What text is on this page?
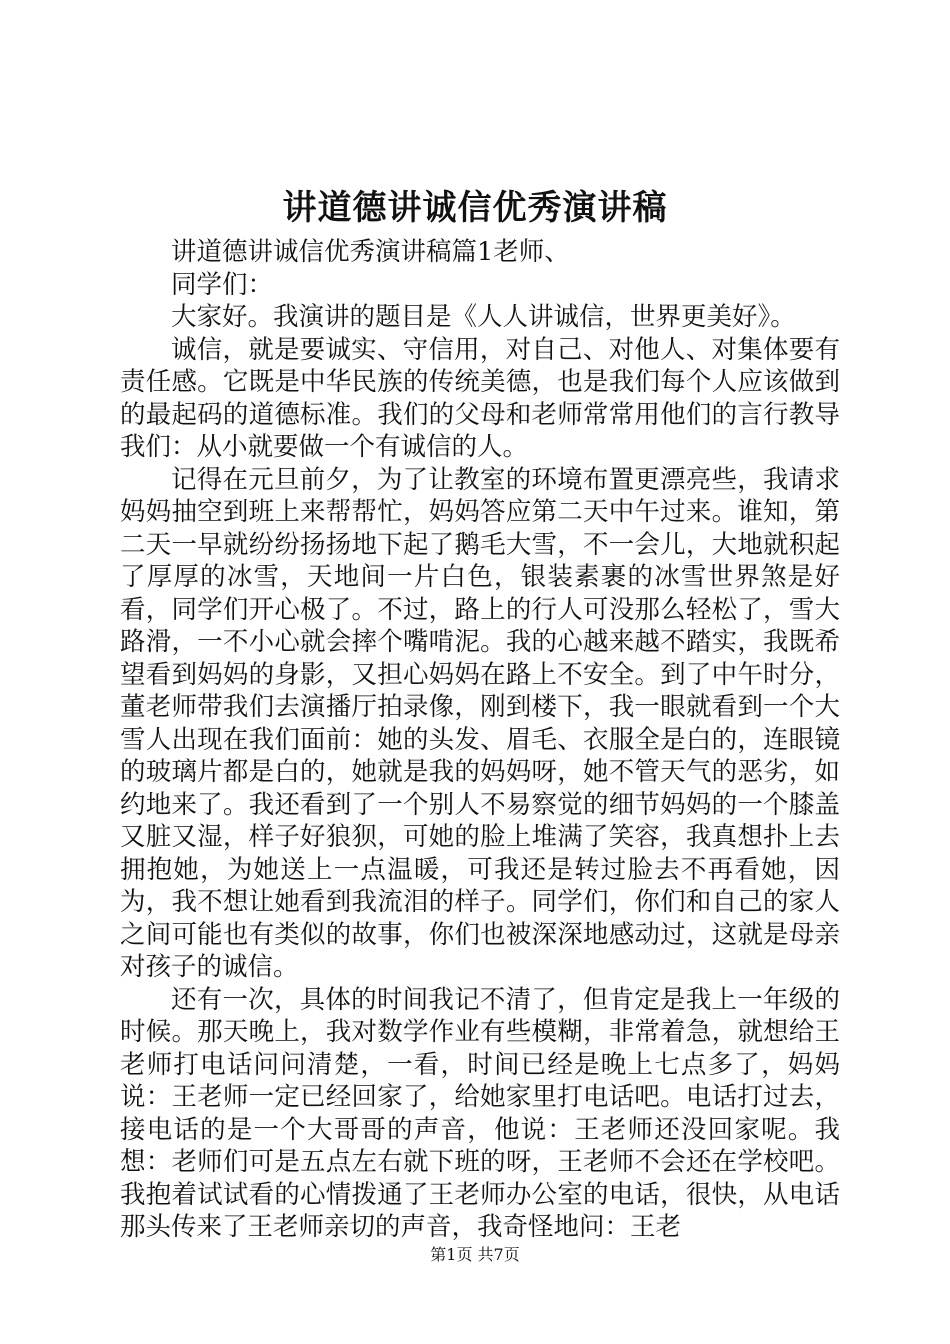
讲道德讲诚信优秀演讲稿

讲道德讲诚信优秀演讲稿篇1老师、

同学们：

大家好。我演讲的题目是《人人讲诚信，世界更美好》。

诚信，就是要诚实、守信用，对自己、对他人、对集体要有责任感。它既是中华民族的传统美德，也是我们每个人应该做到的最起码的道德标准。我们的父母和老师常常用他们的言行教导我们：从小就要做一个有诚信的人。

记得在元旦前夕，为了让教室的环境布置更漂亮些，我请求妈妈抽空到班上来帮帮忙，妈妈答应第二天中午过来。谁知，第二天一早就纷纷扬扬地下起了鹅毛大雪，不一会儿，大地就积起了厚厚的冰雪，天地间一片白色，银装素裹的冰雪世界煞是好看，同学们开心极了。不过，路上的行人可没那么轻松了，雪大路滑，一不小心就会摔个嘴啃泥。我的心越来越不踏实，我既希望看到妈妈的身影，又担心妈妈在路上不安全。到了中午时分，董老师带我们去演播厅拍录像，刚到楼下，我一眼就看到一个大雪人出现在我们面前：她的头发、眉毛、衣服全是白的，连眼镜的玻璃片都是白的，她就是我的妈妈呀，她不管天气的恶劣，如约地来了。我还看到了一个别人不易察觉的细节妈妈的一个膝盖又脏又湿，样子好狼狈，可她的脸上堆满了笑容，我真想扑上去拥抱她，为她送上一点温暖，可我还是转过脸去不再看她，因为，我不想让她看到我流泪的样子。同学们，你们和自己的家人之间可能也有类似的故事，你们也被深深地感动过，这就是母亲对孩子的诚信。

还有一次，具体的时间我记不清了，但肯定是我上一年级的时候。那天晚上，我对数学作业有些模糊，非常着急，就想给王老师打电话问问清楚，一看，时间已经是晚上七点多了，妈妈说：王老师一定已经回家了，给她家里打电话吧。电话打过去，接电话的是一个大哥哥的声音，他说：王老师还没回家呢。我想：老师们可是五点左右就下班的呀，王老师不会还在学校吧。我抱着试试看的心情拨通了王老师办公室的电话，很快，从电话那头传来了王老师亲切的声音，我奇怪地问：王老

第1页 共7页
